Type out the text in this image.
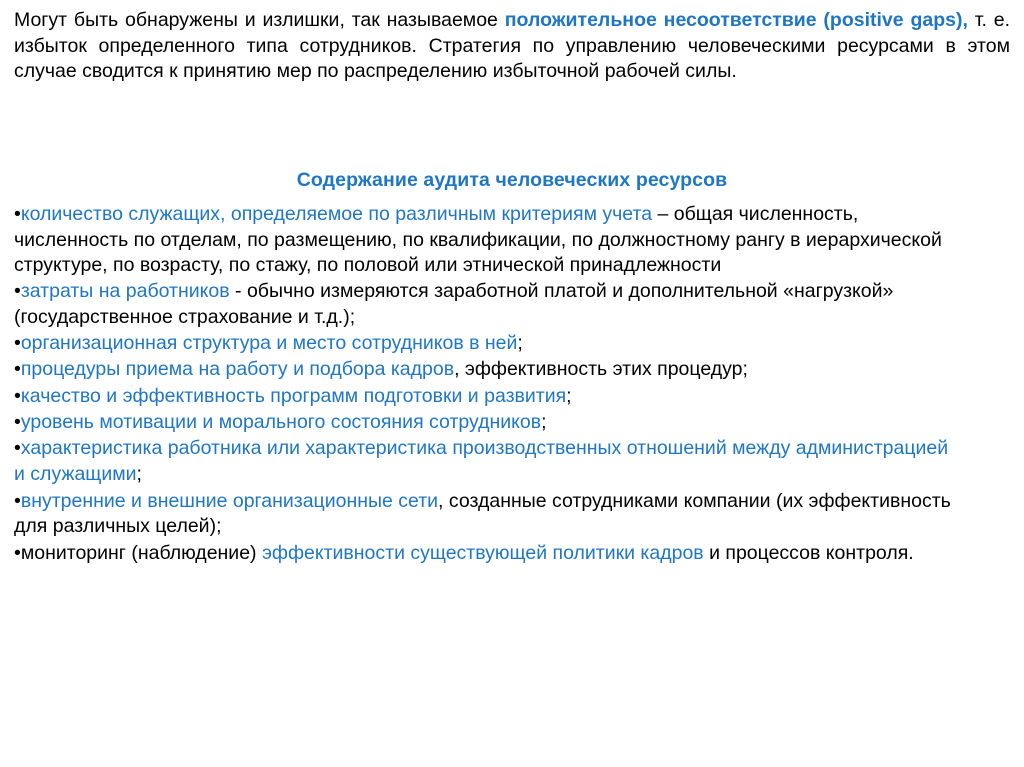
Могут быть обнаружены и излишки, так называемое положительное несоответствие (positive gaps), т. е. избыток определенного типа сотрудников. Стратегия по управлению человеческими ресурсами в этом случае сводится к принятию мер по распределению избыточной рабочей силы.

Содержание аудита человеческих ресурсов

•количество служащих, определяемое по различным критериям учета – общая численность, численность по отделам, по размещению, по квалификации, по должностному рангу в иерархической структуре, по возрасту, по стажу, по половой или этнической принадлежности

•затраты на работников - обычно измеряются заработной платой и дополнительной «нагрузкой» (государственное страхование и т.д.);

•организационная структура и место сотрудников в ней;

•процедуры приема на работу и подбора кадров, эффективность этих процедур;

•качество и эффективность программ подготовки и развития;

•уровень мотивации и морального состояния сотрудников;

•характеристика работника или характеристика производственных отношений между администрацией и служащими;

•внутренние и внешние организационные сети, созданные сотрудниками компании (их эффективность для различных целей);

•мониторинг (наблюдение) эффективности существующей политики кадров и процессов контроля.
